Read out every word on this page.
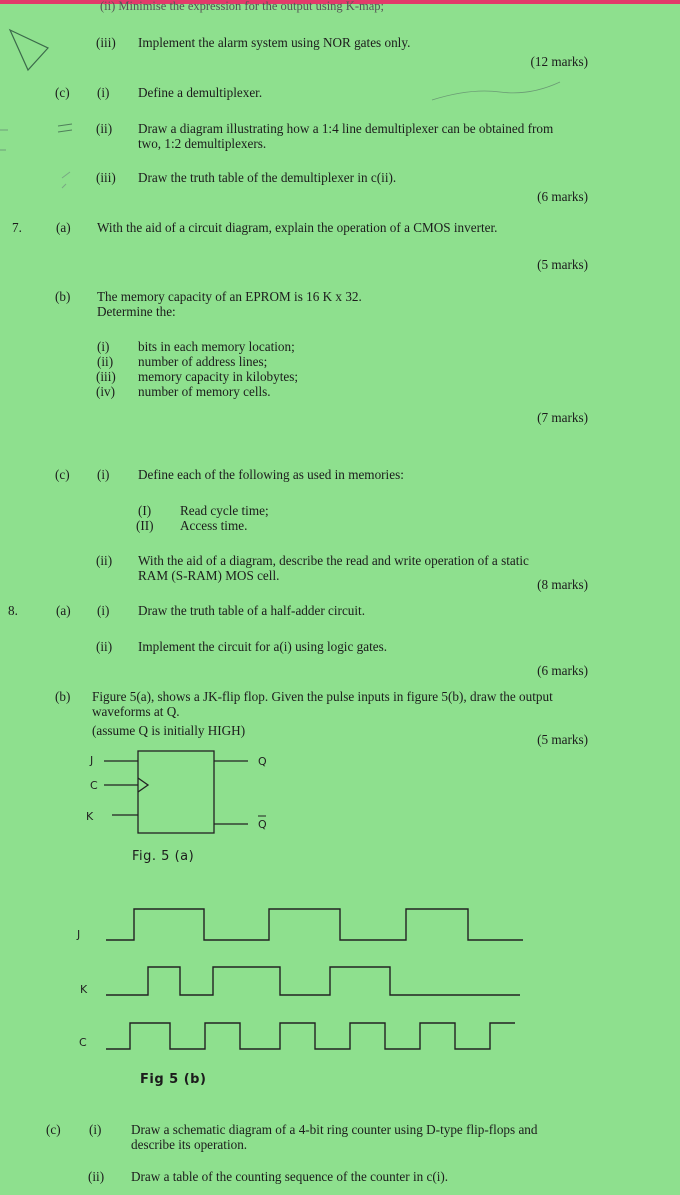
(ii) Minimise the expression for the output using K-map;
(iii) Implement the alarm system using NOR gates only.
(12 marks)
(c) (i) Define a demultiplexer.
(ii) Draw a diagram illustrating how a 1:4 line demultiplexer can be obtained from
two, 1:2 demultiplexers.
(iii) Draw the truth table of the demultiplexer in c(ii).
(6 marks)
7.	(a) With the aid of a circuit diagram, explain the operation of a CMOS inverter.
(5 marks)
(b) The memory capacity of an EPROM is 16 K x 32.
Determine the:
(i) bits in each memory location;
(ii) number of address lines;
(iii) memory capacity in kilobytes;
(iv) number of memory cells.
(7 marks)
(c) (i) Define each of the following as used in memories:
(I) Read cycle time;
(II) Access time.
(ii) With the aid of a diagram, describe the read and write operation of a static
RAM (S-RAM) MOS cell.
(8 marks)
8.	(a) (i) Draw the truth table of a half-adder circuit.
(ii) Implement the circuit for a(i) using logic gates.
(6 marks)
(b) Figure 5(a), shows a JK-flip flop. Given the pulse inputs in figure 5(b), draw the output
waveforms at Q.
(assume Q is initially HIGH)
(5 marks)
J
C
K
Q
Q
Fig. 5 (a)
J
K
C
Fig 5 (b)
(c) (i) Draw a schematic diagram of a 4-bit ring counter using D-type flip-flops and
describe its operation.
(ii) Draw a table of the counting sequence of the counter in c(i).
